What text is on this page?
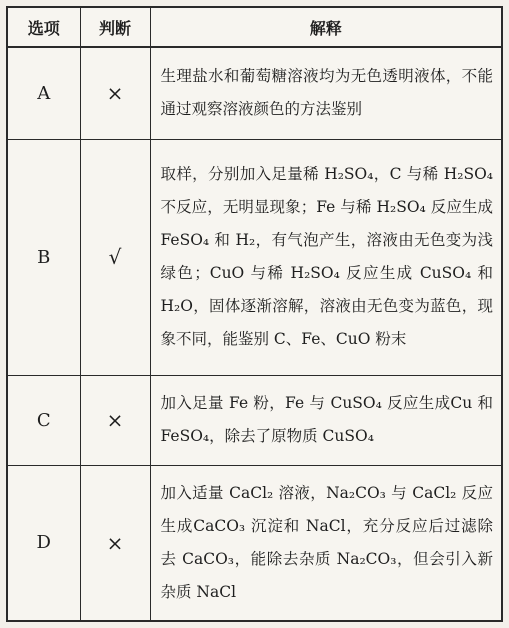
选项	判断	解释
A	×	生理盐水和葡萄糖溶液均为无色透明液体，不能通过观察溶液颜色的方法鉴别
B	√	取样，分别加入足量稀 H₂SO₄，C 与稀 H₂SO₄ 不反应，无明显现象；Fe 与稀 H₂SO₄ 反应生成 FeSO₄ 和 H₂，有气泡产生，溶液由无色变为浅绿色；CuO 与稀 H₂SO₄ 反应生成 CuSO₄ 和 H₂O，固体逐渐溶解，溶液由无色变为蓝色，现象不同，能鉴别 C、Fe、CuO 粉末
C	×	加入足量 Fe 粉，Fe 与 CuSO₄ 反应生成Cu 和 FeSO₄，除去了原物质 CuSO₄
D	×	加入适量 CaCl₂ 溶液，Na₂CO₃ 与 CaCl₂ 反应生成CaCO₃ 沉淀和 NaCl，充分反应后过滤除去 CaCO₃，能除去杂质 Na₂CO₃，但会引入新杂质 NaCl
